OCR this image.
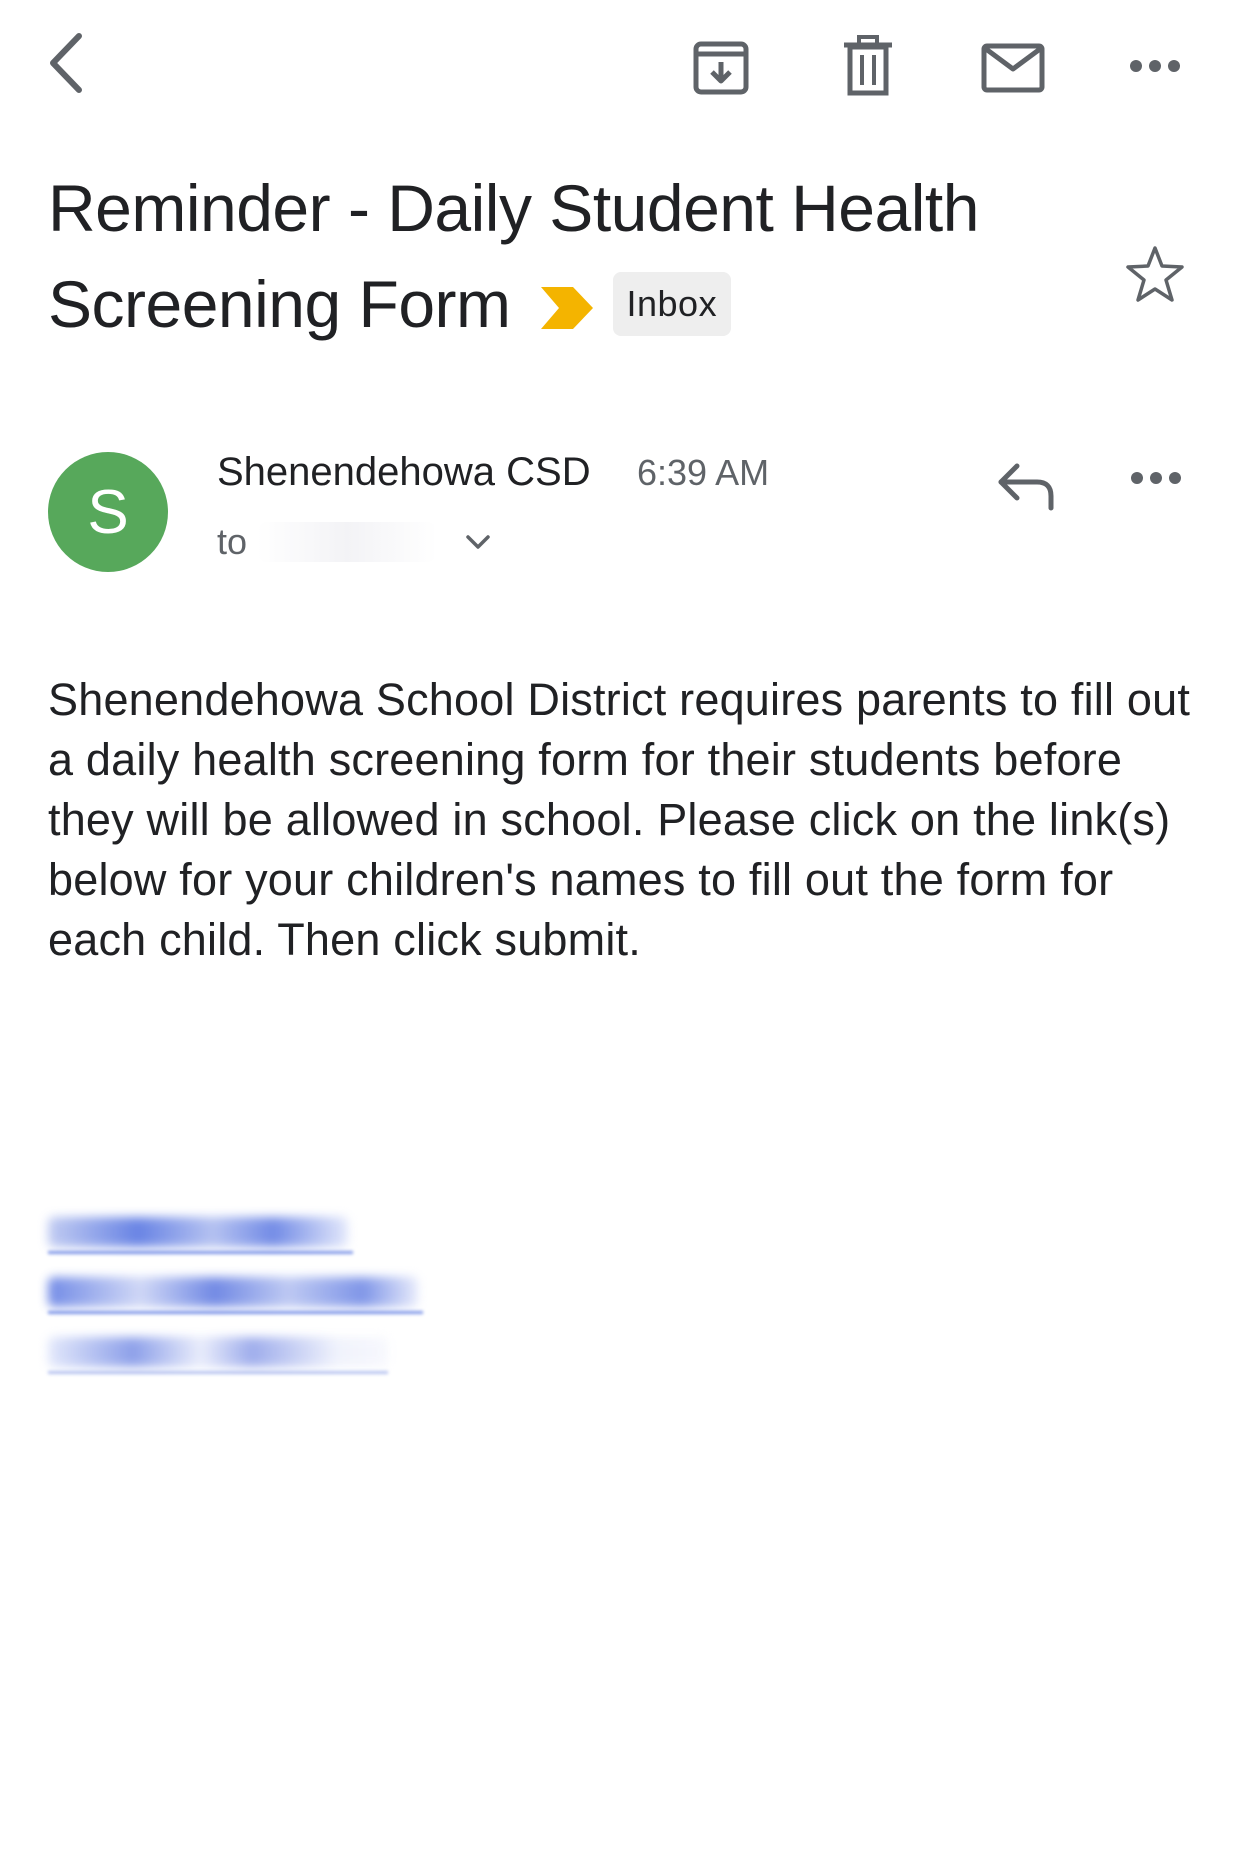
Reminder - Daily Student Health Screening Form	Inbox
S
Shenendehowa CSD 6:39 AM
to
Shenendehowa School District requires parents to fill out a daily health screening form for their students before they will be allowed in school. Please click on the link(s) below for your children's names to fill out the form for each child. Then click submit.
